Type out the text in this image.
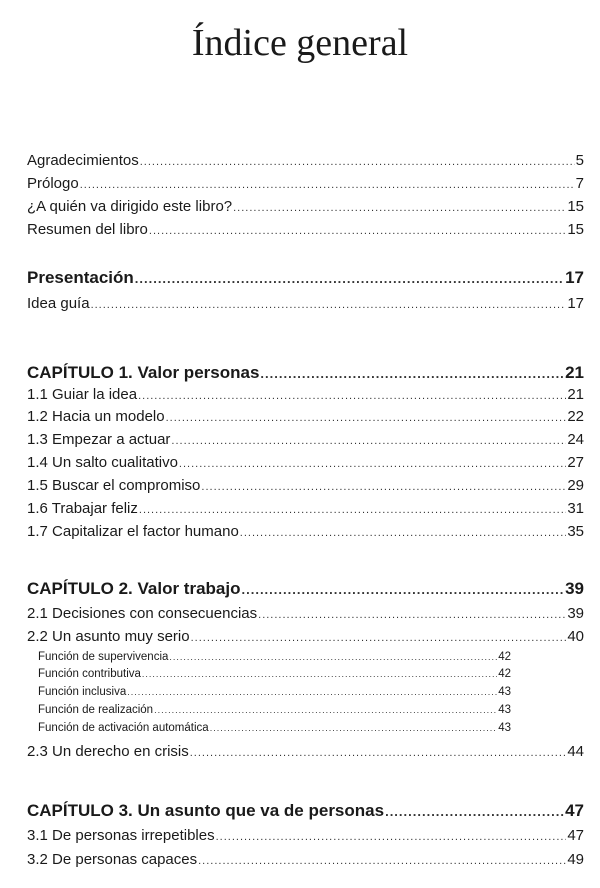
Índice general
Agradecimientos .....	5
Prólogo .....	7
¿A quién va dirigido este libro? .....	15
Resumen del libro .....	15
Presentación .....	17
Idea guía .....	17
CAPÍTULO 1. Valor personas .....	21
1.1 Guiar la idea .....	21
1.2 Hacia un modelo .....	22
1.3 Empezar a actuar .....	24
1.4 Un salto cualitativo .....	27
1.5 Buscar el compromiso .....	29
1.6 Trabajar feliz .....	31
1.7 Capitalizar el factor humano .....	35
CAPÍTULO 2. Valor trabajo .....	39
2.1 Decisiones con consecuencias .....	39
2.2 Un asunto muy serio .....	40
Función de supervivencia .....	42
Función contributiva .....	42
Función inclusiva .....	43
Función de realización .....	43
Función de activación automática .....	43
2.3 Un derecho en crisis .....	44
CAPÍTULO 3. Un asunto que va de personas .....	47
3.1 De personas irrepetibles .....	47
3.2 De personas capaces .....	49
